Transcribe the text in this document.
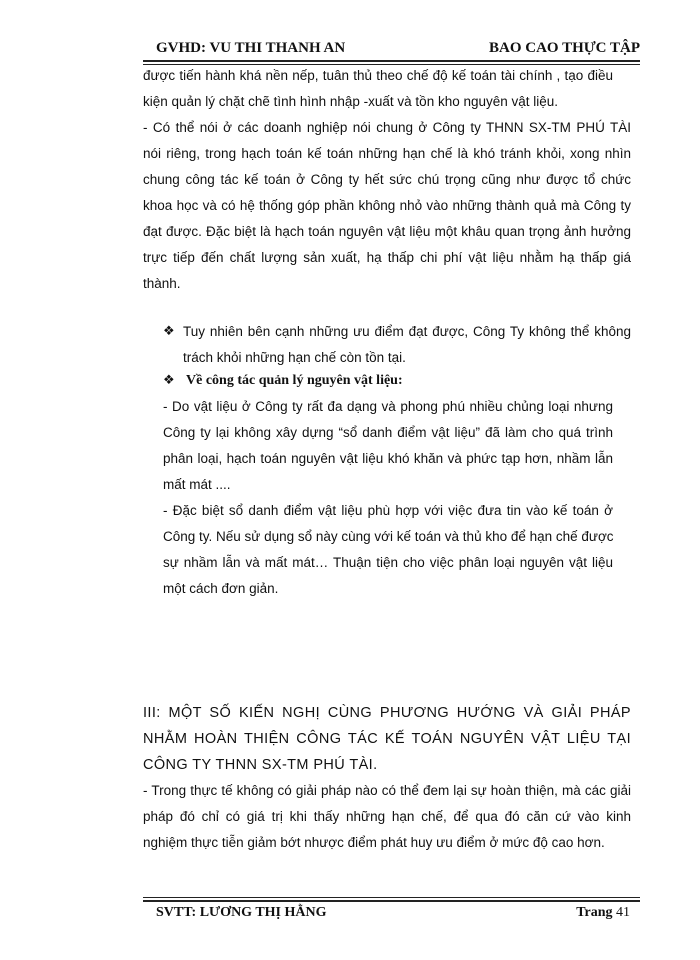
GVHD: VU THI THANH AN	BAO CAO THỰC TẬP
được tiến hành khá nền nếp, tuân thủ theo chế độ kế toán tài chính , tạo điều
kiện quản lý chặt chẽ tình hình nhập -xuất và tồn kho nguyên vật liệu.
- Có thể nói ở các doanh nghiệp nói chung ở Công ty THNN SX-TM PHÚ TÀI
nói riêng, trong hạch toán kế toán những hạn chế là khó tránh khỏi, xong nhìn
chung công tác kế toán ở Công ty hết sức chú trọng cũng như được tổ chức
khoa học và có hệ thống góp phần không nhỏ vào những thành quả mà Công ty
đạt được. Đặc biệt là hạch toán nguyên vật liệu một khâu quan trọng ảnh hưởng
trực tiếp đến chất lượng sản xuất, hạ thấp chi phí vật liệu nhằm hạ thấp giá
thành.
❖ Tuy nhiên bên cạnh những ưu điểm đạt được, Công Ty không thể không
trách khỏi những hạn chế còn tồn tại.
❖ Về công tác quản lý nguyên vật liệu:
- Do vật liệu ở Công ty rất đa dạng và phong phú nhiều chủng loại nhưng
Công ty lại không xây dựng “sổ danh điểm vật liệu” đã làm cho quá trình
phân loại, hạch toán nguyên vật liệu khó khăn và phức tạp hơn, nhầm lẫn
mất mát ....
- Đặc biệt sổ danh điểm vật liệu phù hợp với việc đưa tin vào kế toán ở
Công ty. Nếu sử dụng sổ này cùng với kế toán và thủ kho để hạn chế được
sự nhầm lẫn và mất mát… Thuận tiện cho việc phân loại nguyên vật liệu
một cách đơn giản.
III: MỘT SỐ KIẾN NGHỊ CÙNG PHƯƠNG HƯỚNG VÀ GIẢI PHÁP
NHẰM HOÀN THIỆN CÔNG TÁC KẾ TOÁN NGUYÊN VẬT LIỆU TẠI
CÔNG TY THNN SX-TM PHÚ TÀI.
- Trong thực tế không có giải pháp nào có thể đem lại sự hoàn thiện, mà các giải
pháp đó chỉ có giá trị khi thấy những hạn chế, để qua đó căn cứ vào kinh
nghiệm thực tiễn giảm bớt nhược điểm phát huy ưu điểm ở mức độ cao hơn.
SVTT: LƯƠNG THỊ HẰNG	Trang 41
